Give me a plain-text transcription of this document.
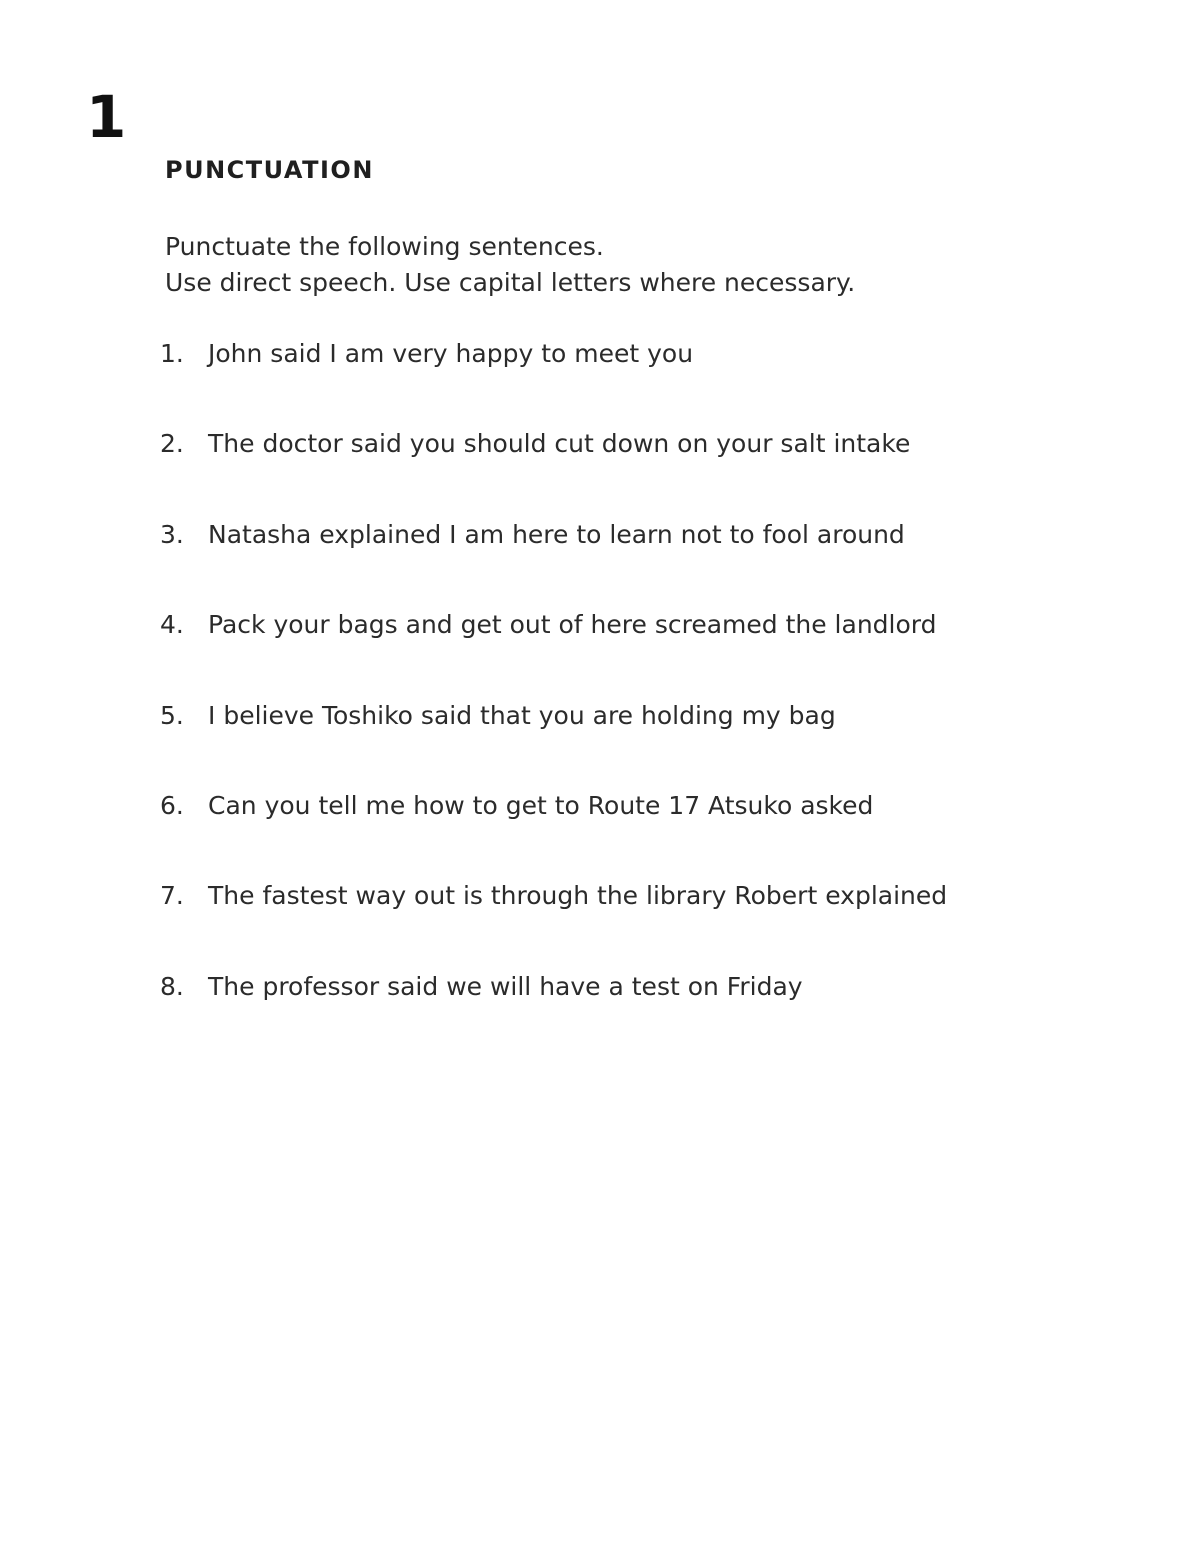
1
PUNCTUATION
Punctuate the following sentences.
Use direct speech. Use capital letters where necessary.
1. John said I am very happy to meet you
2. The doctor said you should cut down on your salt intake
3. Natasha explained I am here to learn not to fool around
4. Pack your bags and get out of here screamed the landlord
5. I believe Toshiko said that you are holding my bag
6. Can you tell me how to get to Route 17 Atsuko asked
7. The fastest way out is through the library Robert explained
8. The professor said we will have a test on Friday
